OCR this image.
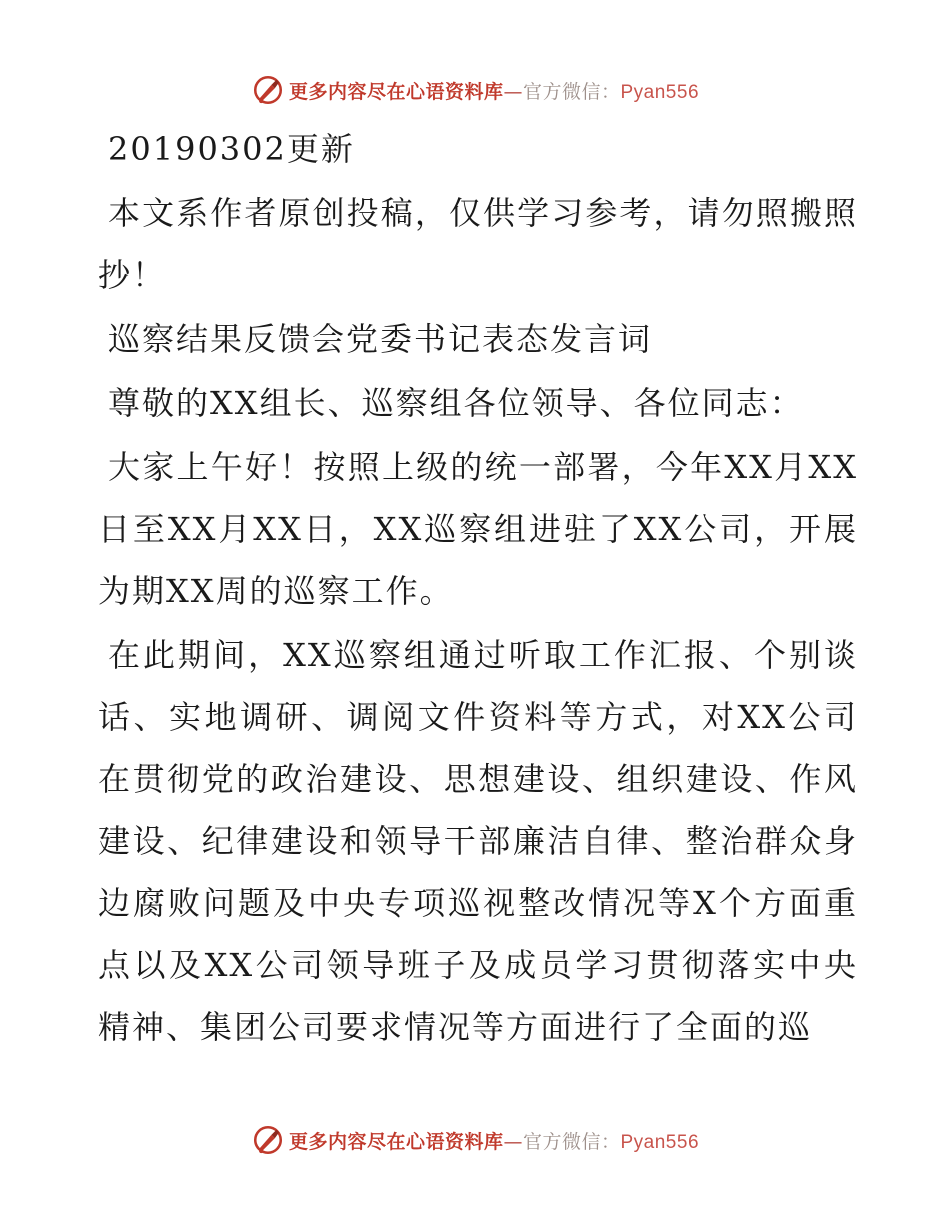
更多内容尽在心语资料库—官方微信：Pyan556

20190302更新

本文系作者原创投稿，仅供学习参考，请勿照搬照抄！

巡察结果反馈会党委书记表态发言词

尊敬的XX组长、巡察组各位领导、各位同志：

大家上午好！按照上级的统一部署，今年XX月XX日至XX月XX日，XX巡察组进驻了XX公司，开展为期XX周的巡察工作。

在此期间，XX巡察组通过听取工作汇报、个别谈话、实地调研、调阅文件资料等方式，对XX公司在贯彻党的政治建设、思想建设、组织建设、作风建设、纪律建设和领导干部廉洁自律、整治群众身边腐败问题及中央专项巡视整改情况等X个方面重点以及XX公司领导班子及成员学习贯彻落实中央精神、集团公司要求情况等方面进行了全面的巡

更多内容尽在心语资料库—官方微信：Pyan556
